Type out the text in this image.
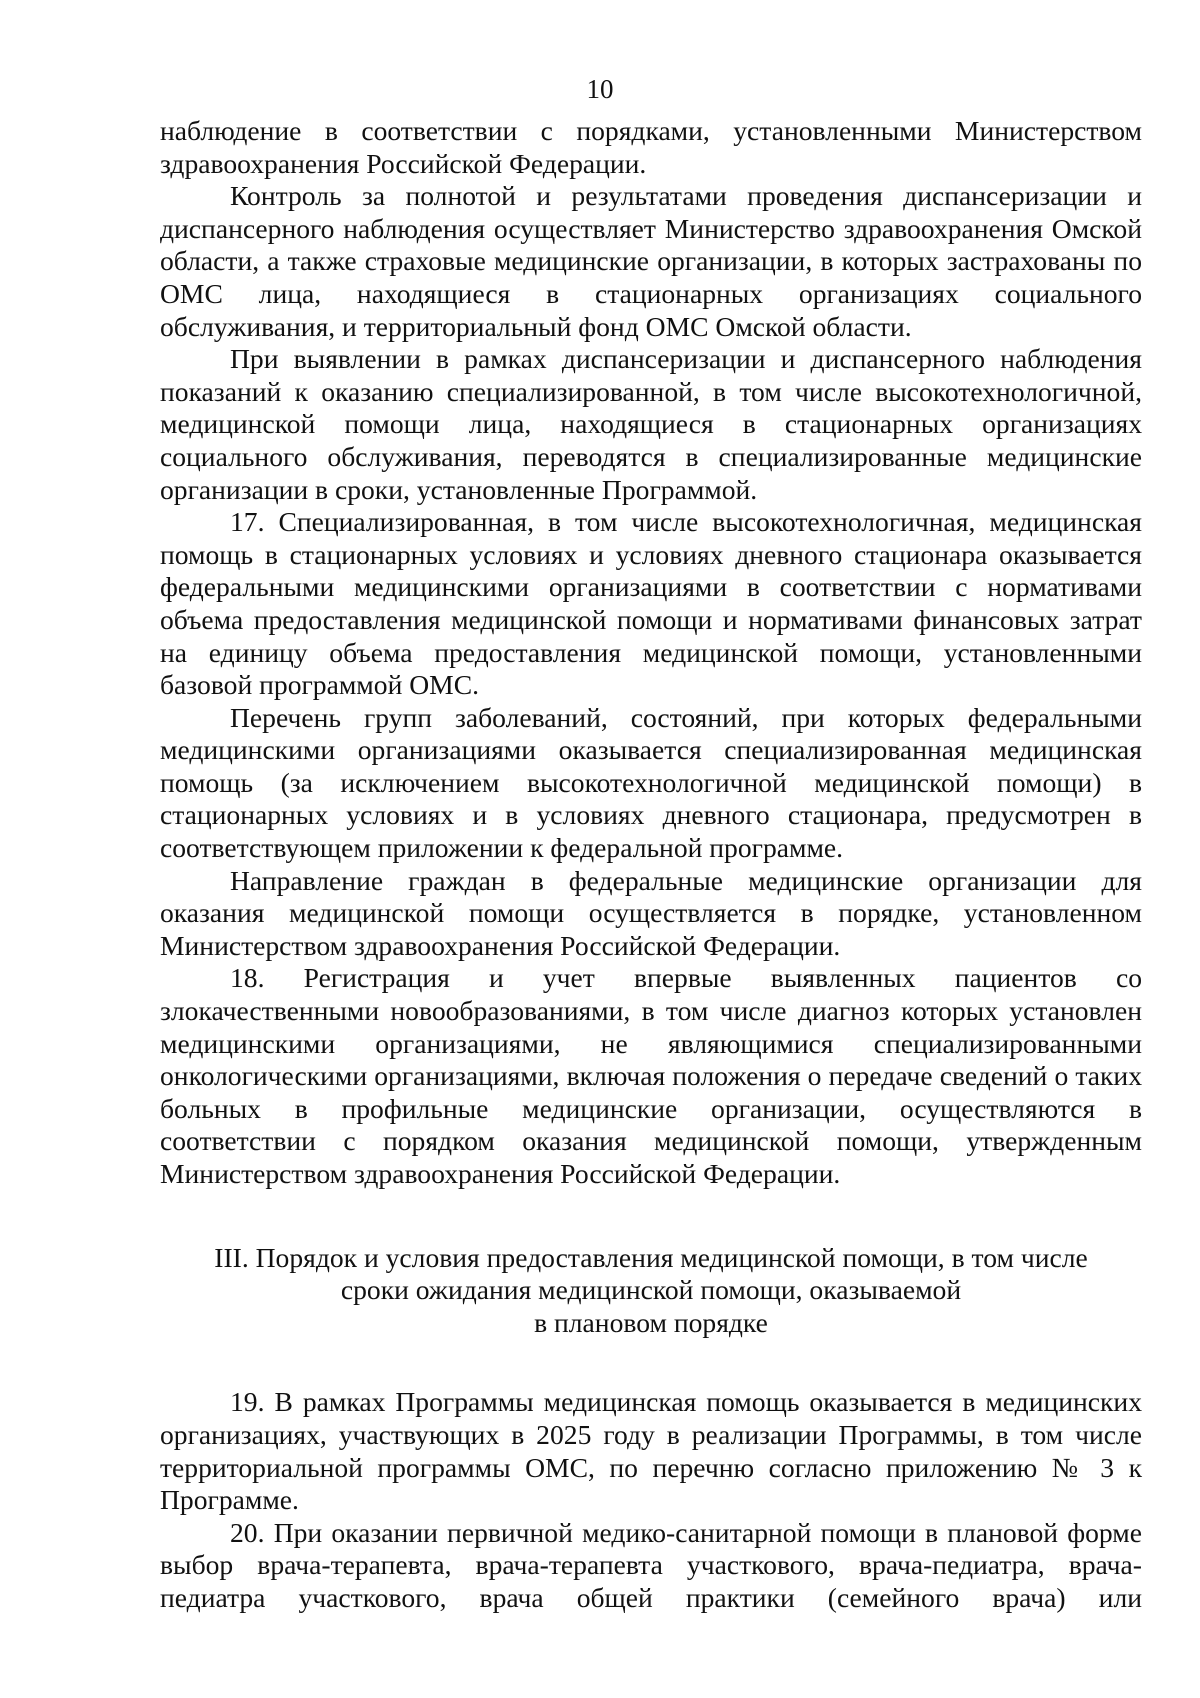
10

наблюдение в соответствии с порядками, установленными Министерством здравоохранения Российской Федерации.

Контроль за полнотой и результатами проведения диспансеризации и диспансерного наблюдения осуществляет Министерство здравоохранения Омской области, а также страховые медицинские организации, в которых застрахованы по ОМС лица, находящиеся в стационарных организациях социального обслуживания, и территориальный фонд ОМС Омской области.

При выявлении в рамках диспансеризации и диспансерного наблюдения показаний к оказанию специализированной, в том числе высокотехнологичной, медицинской помощи лица, находящиеся в стационарных организациях социального обслуживания, переводятся в специализированные медицинские организации в сроки, установленные Программой.

17. Специализированная, в том числе высокотехнологичная, медицинская помощь в стационарных условиях и условиях дневного стационара оказывается федеральными медицинскими организациями в соответствии с нормативами объема предоставления медицинской помощи и нормативами финансовых затрат на единицу объема предоставления медицинской помощи, установленными базовой программой ОМС.

Перечень групп заболеваний, состояний, при которых федеральными медицинскими организациями оказывается специализированная медицинская помощь (за исключением высокотехнологичной медицинской помощи) в стационарных условиях и в условиях дневного стационара, предусмотрен в соответствующем приложении к федеральной программе.

Направление граждан в федеральные медицинские организации для оказания медицинской помощи осуществляется в порядке, установленном Министерством здравоохранения Российской Федерации.

18. Регистрация и учет впервые выявленных пациентов со злокачественными новообразованиями, в том числе диагноз которых установлен медицинскими организациями, не являющимися специализированными онкологическими организациями, включая положения о передаче сведений о таких больных в профильные медицинские организации, осуществляются в соответствии с порядком оказания медицинской помощи, утвержденным Министерством здравоохранения Российской Федерации.

III. Порядок и условия предоставления медицинской помощи, в том числе
сроки ожидания медицинской помощи, оказываемой
в плановом порядке

19. В рамках Программы медицинская помощь оказывается в медицинских организациях, участвующих в 2025 году в реализации Программы, в том числе территориальной программы ОМС, по перечню согласно приложению № 3 к Программе.

20. При оказании первичной медико-санитарной помощи в плановой форме выбор врача-терапевта, врача-терапевта участкового, врача-педиатра, врача-педиатра участкового, врача общей практики (семейного врача) или
